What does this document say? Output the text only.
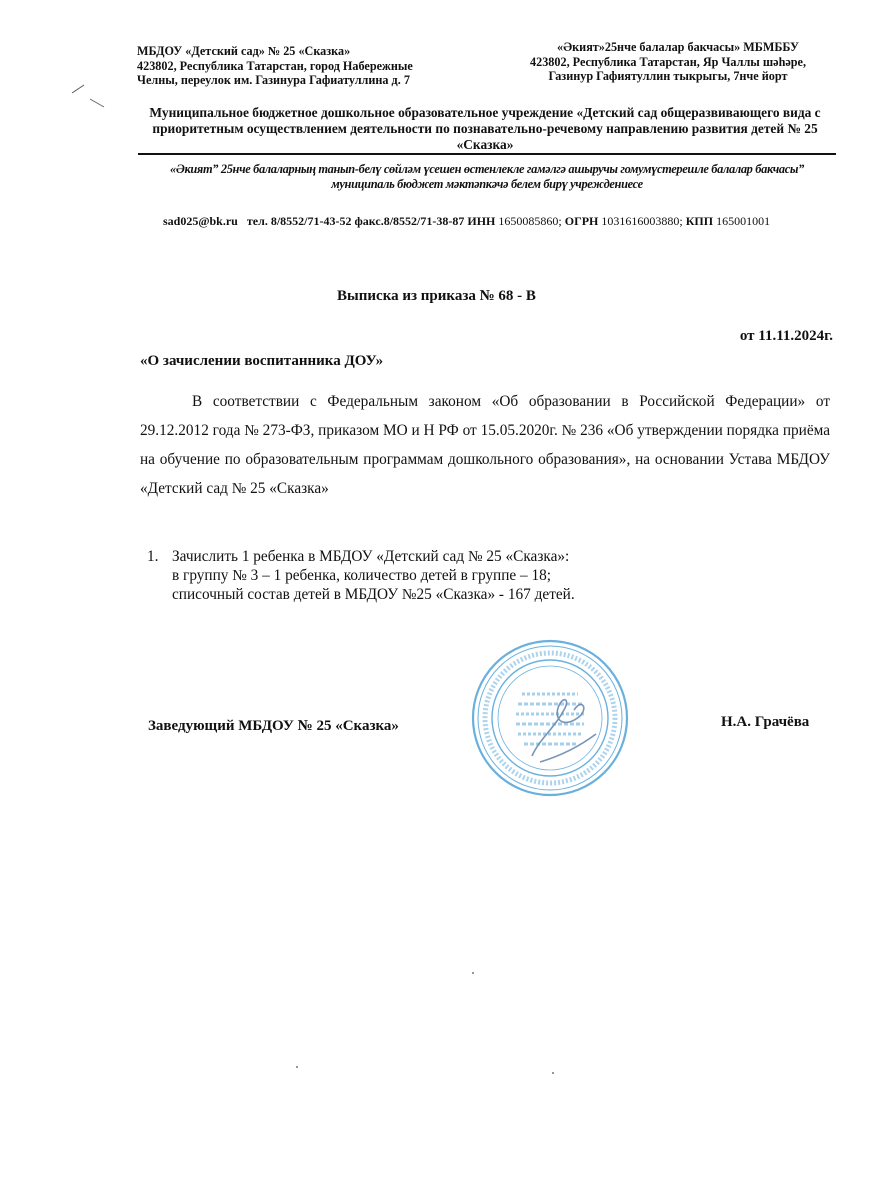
МБДОУ «Детский сад» № 25 «Сказка»
423802, Республика Татарстан, город Набережные
Челны, переулок им. Газинура Гафиатуллина д. 7
«Әкият»25нче балалар бакчасы» МБМББУ
423802, Республика Татарстан, Яр Чаллы шәһәре,
Газинур Гафиятуллин тыкрыгы, 7нче йорт
Муниципальное бюджетное дошкольное образовательное учреждение «Детский сад общеразвивающего вида с приоритетным осуществлением деятельности по познавательно-речевому направлению развития детей № 25 «Сказка»
«Әкият” 25нче балаларның танып-белү сөйләм үсешен өстенлекле гамәлгә ашыручы гомумүстерешле балалар бакчасы” муниципаль бюджет мәктәпкәчә белем бирү учреждениесе
sad025@bk.ru тел. 8/8552/71-43-52 факс.8/8552/71-38-87 ИНН 1650085860; ОГРН 1031616003880; КПП 165001001
Выписка из приказа № 68 - В
от 11.11.2024г.
«О зачислении воспитанника ДОУ»
В соответствии с Федеральным законом «Об образовании в Российской Федерации» от 29.12.2012 года № 273-ФЗ, приказом МО и Н РФ от 15.05.2020г. № 236 «Об утверждении порядка приёма на обучение по образовательным программам дошкольного образования», на основании Устава МБДОУ «Детский сад № 25 «Сказка»
1. Зачислить 1 ребенка в МБДОУ «Детский сад № 25 «Сказка»:
в группу № 3 – 1 ребенка, количество детей в группе – 18;
списочный состав детей в МБДОУ №25 «Сказка» - 167 детей.
Заведующий МБДОУ № 25 «Сказка»	Н.А. Грачёва
